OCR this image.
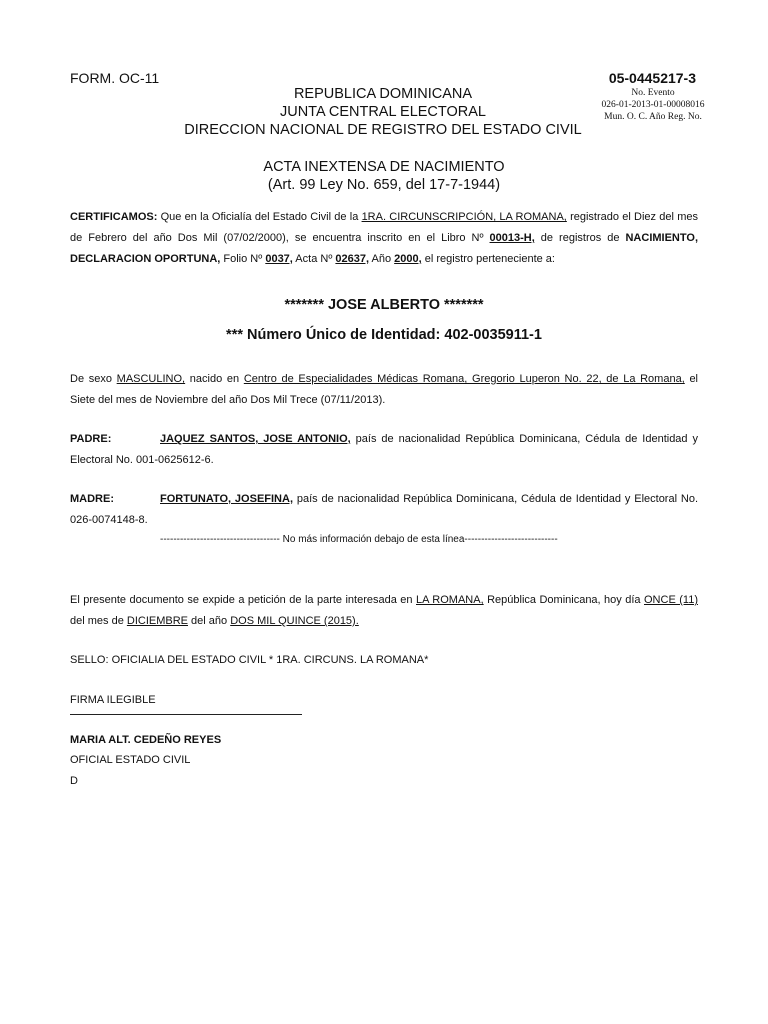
FORM. OC-11	05-0445217-3
No. Evento
026-01-2013-01-00008016
Mun. O. C. Año Reg. No.
REPUBLICA DOMINICANA
JUNTA CENTRAL ELECTORAL
DIRECCION NACIONAL DE REGISTRO DEL ESTADO CIVIL
ACTA INEXTENSA DE NACIMIENTO
(Art. 99 Ley No. 659, del 17-7-1944)
CERTIFICAMOS: Que en la Oficialía del Estado Civil de la 1RA. CIRCUNSCRIPCIÓN, LA ROMANA, registrado el Diez del mes de Febrero del año Dos Mil (07/02/2000), se encuentra inscrito en el Libro Nº 00013-H, de registros de NACIMIENTO, DECLARACION OPORTUNA, Folio Nº 0037, Acta Nº 02637, Año 2000, el registro perteneciente a:
******* JOSE ALBERTO *******
*** Número Único de Identidad: 402-0035911-1
De sexo MASCULINO, nacido en Centro de Especialidades Médicas Romana, Gregorio Luperon No. 22, de La Romana, el Siete del mes de Noviembre del año Dos Mil Trece (07/11/2013).
PADRE:	JAQUEZ SANTOS, JOSE ANTONIO, país de nacionalidad República Dominicana, Cédula de Identidad y Electoral No. 001-0625612-6.
MADRE:	FORTUNATO, JOSEFINA, país de nacionalidad República Dominicana, Cédula de Identidad y Electoral No. 026-0074148-8.
------------------------------------ No más información debajo de esta línea----------------------------
El presente documento se expide a petición de la parte interesada en LA ROMANA, República Dominicana, hoy día ONCE (11) del mes de DICIEMBRE del año DOS MIL QUINCE (2015).
SELLO: OFICIALIA DEL ESTADO CIVIL * 1RA. CIRCUNS. LA ROMANA*
FIRMA ILEGIBLE
MARIA ALT. CEDEÑO REYES
OFICIAL ESTADO CIVIL
D
